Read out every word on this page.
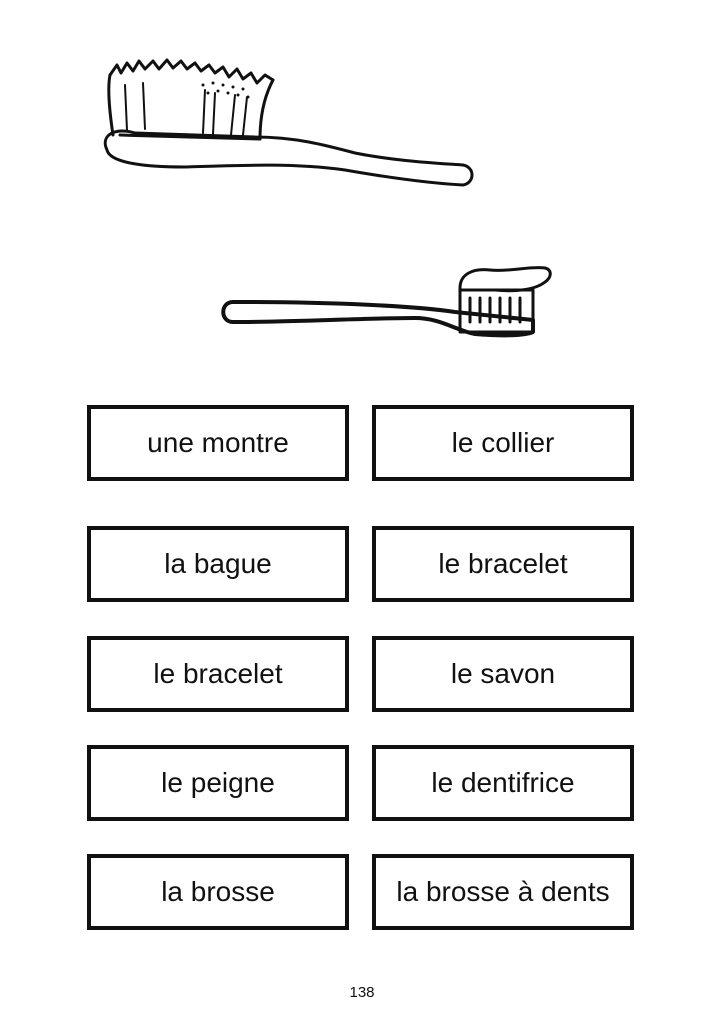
une montre	le collier
la bague	le bracelet
le bracelet	le savon
le peigne	le dentifrice
la brosse	la brosse à dents
138
